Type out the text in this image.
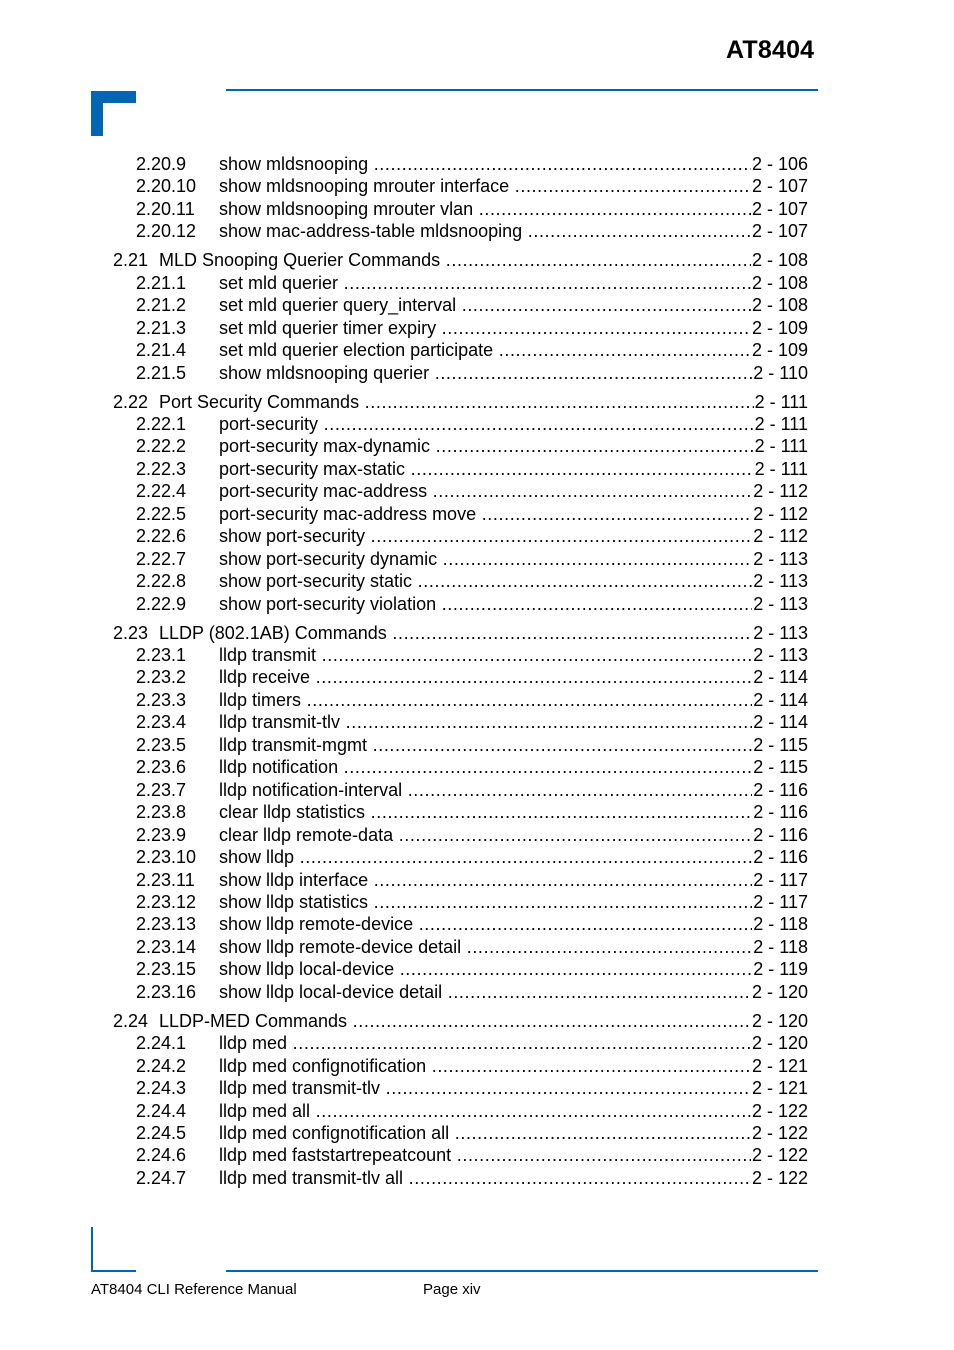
AT8404
2.20.9 show mldsnooping .....	2 - 106
2.20.10 show mldsnooping mrouter interface .....	2 - 107
2.20.11 show mldsnooping mrouter vlan .....	2 - 107
2.20.12 show mac-address-table mldsnooping .....	2 - 107
2.21 MLD Snooping Querier Commands .....	2 - 108
2.21.1 set mld querier .....	2 - 108
2.21.2 set mld querier query_interval .....	2 - 108
2.21.3 set mld querier timer expiry .....	2 - 109
2.21.4 set mld querier election participate .....	2 - 109
2.21.5 show mldsnooping querier .....	2 - 110
2.22 Port Security Commands .....	2 - 111
2.22.1 port-security .....	2 - 111
2.22.2 port-security max-dynamic .....	2 - 111
2.22.3 port-security max-static .....	2 - 111
2.22.4 port-security mac-address .....	2 - 112
2.22.5 port-security mac-address move .....	2 - 112
2.22.6 show port-security .....	2 - 112
2.22.7 show port-security dynamic .....	2 - 113
2.22.8 show port-security static .....	2 - 113
2.22.9 show port-security violation .....	2 - 113
2.23 LLDP (802.1AB) Commands .....	2 - 113
2.23.1 lldp transmit .....	2 - 113
2.23.2 lldp receive .....	2 - 114
2.23.3 lldp timers .....	2 - 114
2.23.4 lldp transmit-tlv .....	2 - 114
2.23.5 lldp transmit-mgmt .....	2 - 115
2.23.6 lldp notification .....	2 - 115
2.23.7 lldp notification-interval .....	2 - 116
2.23.8 clear lldp statistics .....	2 - 116
2.23.9 clear lldp remote-data .....	2 - 116
2.23.10 show lldp .....	2 - 116
2.23.11 show lldp interface .....	2 - 117
2.23.12 show lldp statistics .....	2 - 117
2.23.13 show lldp remote-device .....	2 - 118
2.23.14 show lldp remote-device detail .....	2 - 118
2.23.15 show lldp local-device .....	2 - 119
2.23.16 show lldp local-device detail .....	2 - 120
2.24 LLDP-MED Commands .....	2 - 120
2.24.1 lldp med .....	2 - 120
2.24.2 lldp med confignotification .....	2 - 121
2.24.3 lldp med transmit-tlv .....	2 - 121
2.24.4 lldp med all .....	2 - 122
2.24.5 lldp med confignotification all .....	2 - 122
2.24.6 lldp med faststartrepeatcount .....	2 - 122
2.24.7 lldp med transmit-tlv all .....	2 - 122
AT8404 CLI Reference Manual	Page xiv
